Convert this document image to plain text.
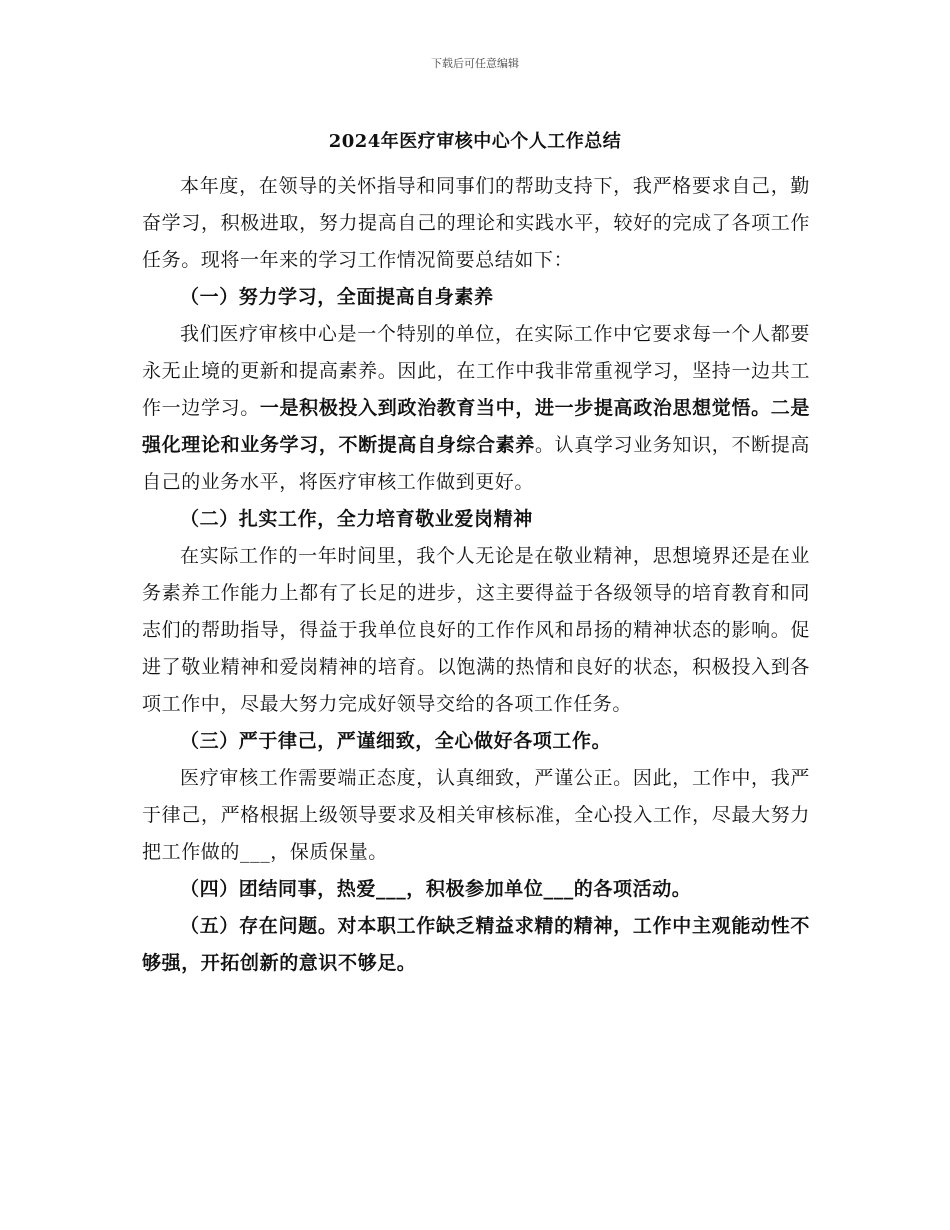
下载后可任意编辑
2024年医疗审核中心个人工作总结

本年度，在领导的关怀指导和同事们的帮助支持下，我严格要求自己，勤奋学习，积极进取，努力提高自己的理论和实践水平，较好的完成了各项工作任务。现将一年来的学习工作情况简要总结如下：

（一）努力学习，全面提高自身素养

我们医疗审核中心是一个特别的单位，在实际工作中它要求每一个人都要永无止境的更新和提高素养。因此，在工作中我非常重视学习，坚持一边共工作一边学习。一是积极投入到政治教育当中，进一步提高政治思想觉悟。二是强化理论和业务学习，不断提高自身综合素养。认真学习业务知识，不断提高自己的业务水平，将医疗审核工作做到更好。

（二）扎实工作，全力培育敬业爱岗精神

在实际工作的一年时间里，我个人无论是在敬业精神，思想境界还是在业务素养工作能力上都有了长足的进步，这主要得益于各级领导的培育教育和同志们的帮助指导，得益于我单位良好的工作作风和昂扬的精神状态的影响。促进了敬业精神和爱岗精神的培育。以饱满的热情和良好的状态，积极投入到各项工作中，尽最大努力完成好领导交给的各项工作任务。

（三）严于律己，严谨细致，全心做好各项工作。

医疗审核工作需要端正态度，认真细致，严谨公正。因此，工作中，我严于律己，严格根据上级领导要求及相关审核标准，全心投入工作，尽最大努力把工作做的___，保质保量。

（四）团结同事，热爱___，积极参加单位___的各项活动。

（五）存在问题。对本职工作缺乏精益求精的精神，工作中主观能动性不够强，开拓创新的意识不够足。
